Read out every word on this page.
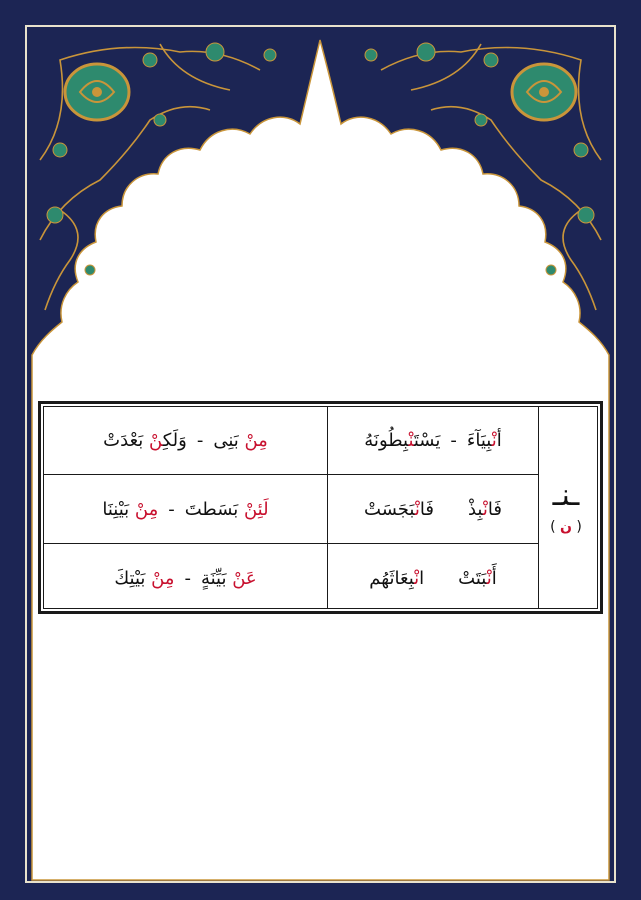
ـنـ
( ن )
أنْبِيَآءَ
-
يَسْتَنْبِطُونَهُ
مِنْ بَنِى
-
وَلَكِنْ بَعْدَتْ
فَانْبِذْ
فَانْبَجَسَتْ
لَئِنْ بَسَطتَ
-
مِنْ بَيْنِنَا
أَنْبَتَتْ
انْبِعَاثَهُم
عَنْ بَيِّنَةٍ
-
مِنْ بَيْتِكَ
